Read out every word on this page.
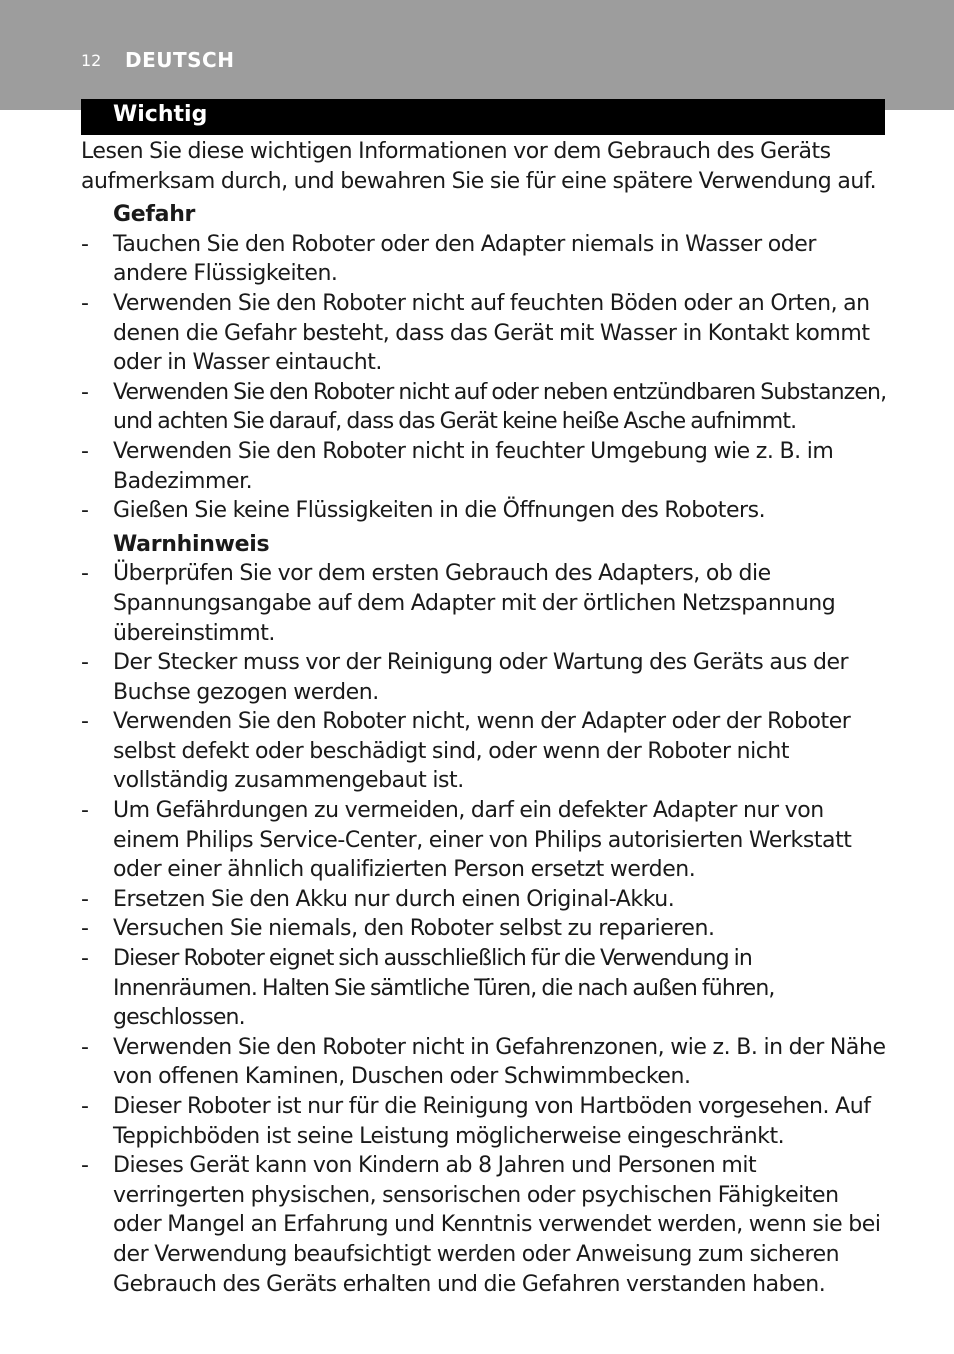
12 DEUTSCH
Wichtig

Lesen Sie diese wichtigen Informationen vor dem Gebrauch des Geräts aufmerksam durch, und bewahren Sie sie für eine spätere Verwendung auf.

Gefahr
- Tauchen Sie den Roboter oder den Adapter niemals in Wasser oder andere Flüssigkeiten.
- Verwenden Sie den Roboter nicht auf feuchten Böden oder an Orten, an denen die Gefahr besteht, dass das Gerät mit Wasser in Kontakt kommt oder in Wasser eintaucht.
- Verwenden Sie den Roboter nicht auf oder neben entzündbaren Substanzen, und achten Sie darauf, dass das Gerät keine heiße Asche aufnimmt.
- Verwenden Sie den Roboter nicht in feuchter Umgebung wie z. B. im Badezimmer.
- Gießen Sie keine Flüssigkeiten in die Öffnungen des Roboters.
Warnhinweis
- Überprüfen Sie vor dem ersten Gebrauch des Adapters, ob die Spannungsangabe auf dem Adapter mit der örtlichen Netzspannung übereinstimmt.
- Der Stecker muss vor der Reinigung oder Wartung des Geräts aus der Buchse gezogen werden.
- Verwenden Sie den Roboter nicht, wenn der Adapter oder der Roboter selbst defekt oder beschädigt sind, oder wenn der Roboter nicht vollständig zusammengebaut ist.
- Um Gefährdungen zu vermeiden, darf ein defekter Adapter nur von einem Philips Service-Center, einer von Philips autorisierten Werkstatt oder einer ähnlich qualifizierten Person ersetzt werden.
- Ersetzen Sie den Akku nur durch einen Original-Akku.
- Versuchen Sie niemals, den Roboter selbst zu reparieren.
- Dieser Roboter eignet sich ausschließlich für die Verwendung in Innenräumen. Halten Sie sämtliche Türen, die nach außen führen, geschlossen.
- Verwenden Sie den Roboter nicht in Gefahrenzonen, wie z. B. in der Nähe von offenen Kaminen, Duschen oder Schwimmbecken.
- Dieser Roboter ist nur für die Reinigung von Hartböden vorgesehen. Auf Teppichböden ist seine Leistung möglicherweise eingeschränkt.
- Dieses Gerät kann von Kindern ab 8 Jahren und Personen mit verringerten physischen, sensorischen oder psychischen Fähigkeiten oder Mangel an Erfahrung und Kenntnis verwendet werden, wenn sie bei der Verwendung beaufsichtigt werden oder Anweisung zum sicheren Gebrauch des Geräts erhalten und die Gefahren verstanden haben.
